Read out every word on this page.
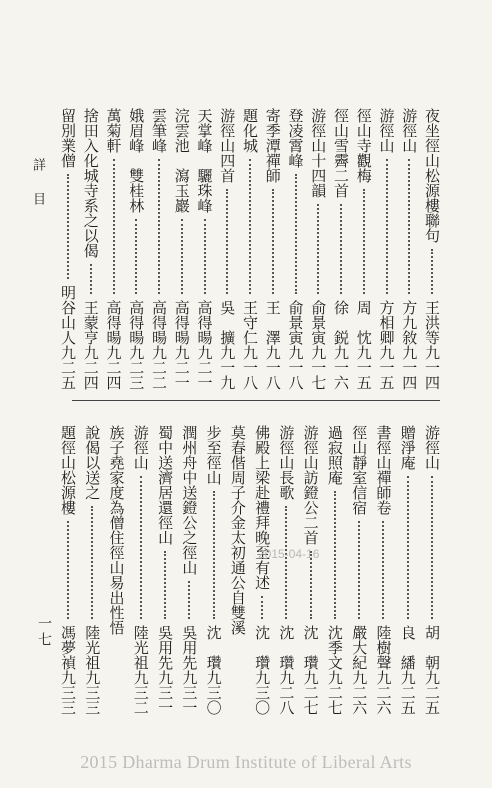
詳　目	夜坐徑山松源樓聯句
王洪等
九一四
游徑山
方九敘
九一四
游徑山
方相卿
九一五
徑山寺觀梅
周　忱
九一五
徑山雪霽二首
徐　鋭
九一六
游徑山十四韻
俞景寅
九一七
登凌霄峰
俞景寅
九一八
寄季潭禪師
王　澤
九一八
題化城
王守仁
九一八
游徑山四首
吳　擴
九一九
天掌峰　驪珠峰
高得暘
九二一
浣雲池　瀉玉巖
高得暘
九二一
雲筆峰
高得暘
九二二
娥眉峰　雙桂林
高得暘
九二三
萬菊軒
高得暘
九二四
捨田入化城寺系之以偈
王蒙亨
九二四
留別業僧
明谷山人
九二五
游徑山
胡　朝
九二五
贈淨庵
良　繙
九二五
書徑山禪師卷
陸樹聲
九二六
徑山靜室信宿
嚴大紀
九二六
過寂照庵
沈季文
九二七
游徑山訪鐙公二首
沈　瓚
九二七
游徑山長歌
沈　瓚
九二八
佛殿上梁赴禮拜晚至有述
沈　瓚
九三〇
莫春偕周子介金太初通公自雙溪
步至徑山
沈　瓚
九三〇
潤州舟中送鐙公之徑山
吳用先
九三一
蜀中送濟居還徑山
吳用先
九三一
游徑山
陸光祖
九三二
族子堯家度為僧住徑山易出性悟
說偈以送之
陸光祖
九三三
題徑山松源樓
馮夢禎
九三三
一七
2015-04-16
2015 Dharma Drum Institute of Liberal Arts
